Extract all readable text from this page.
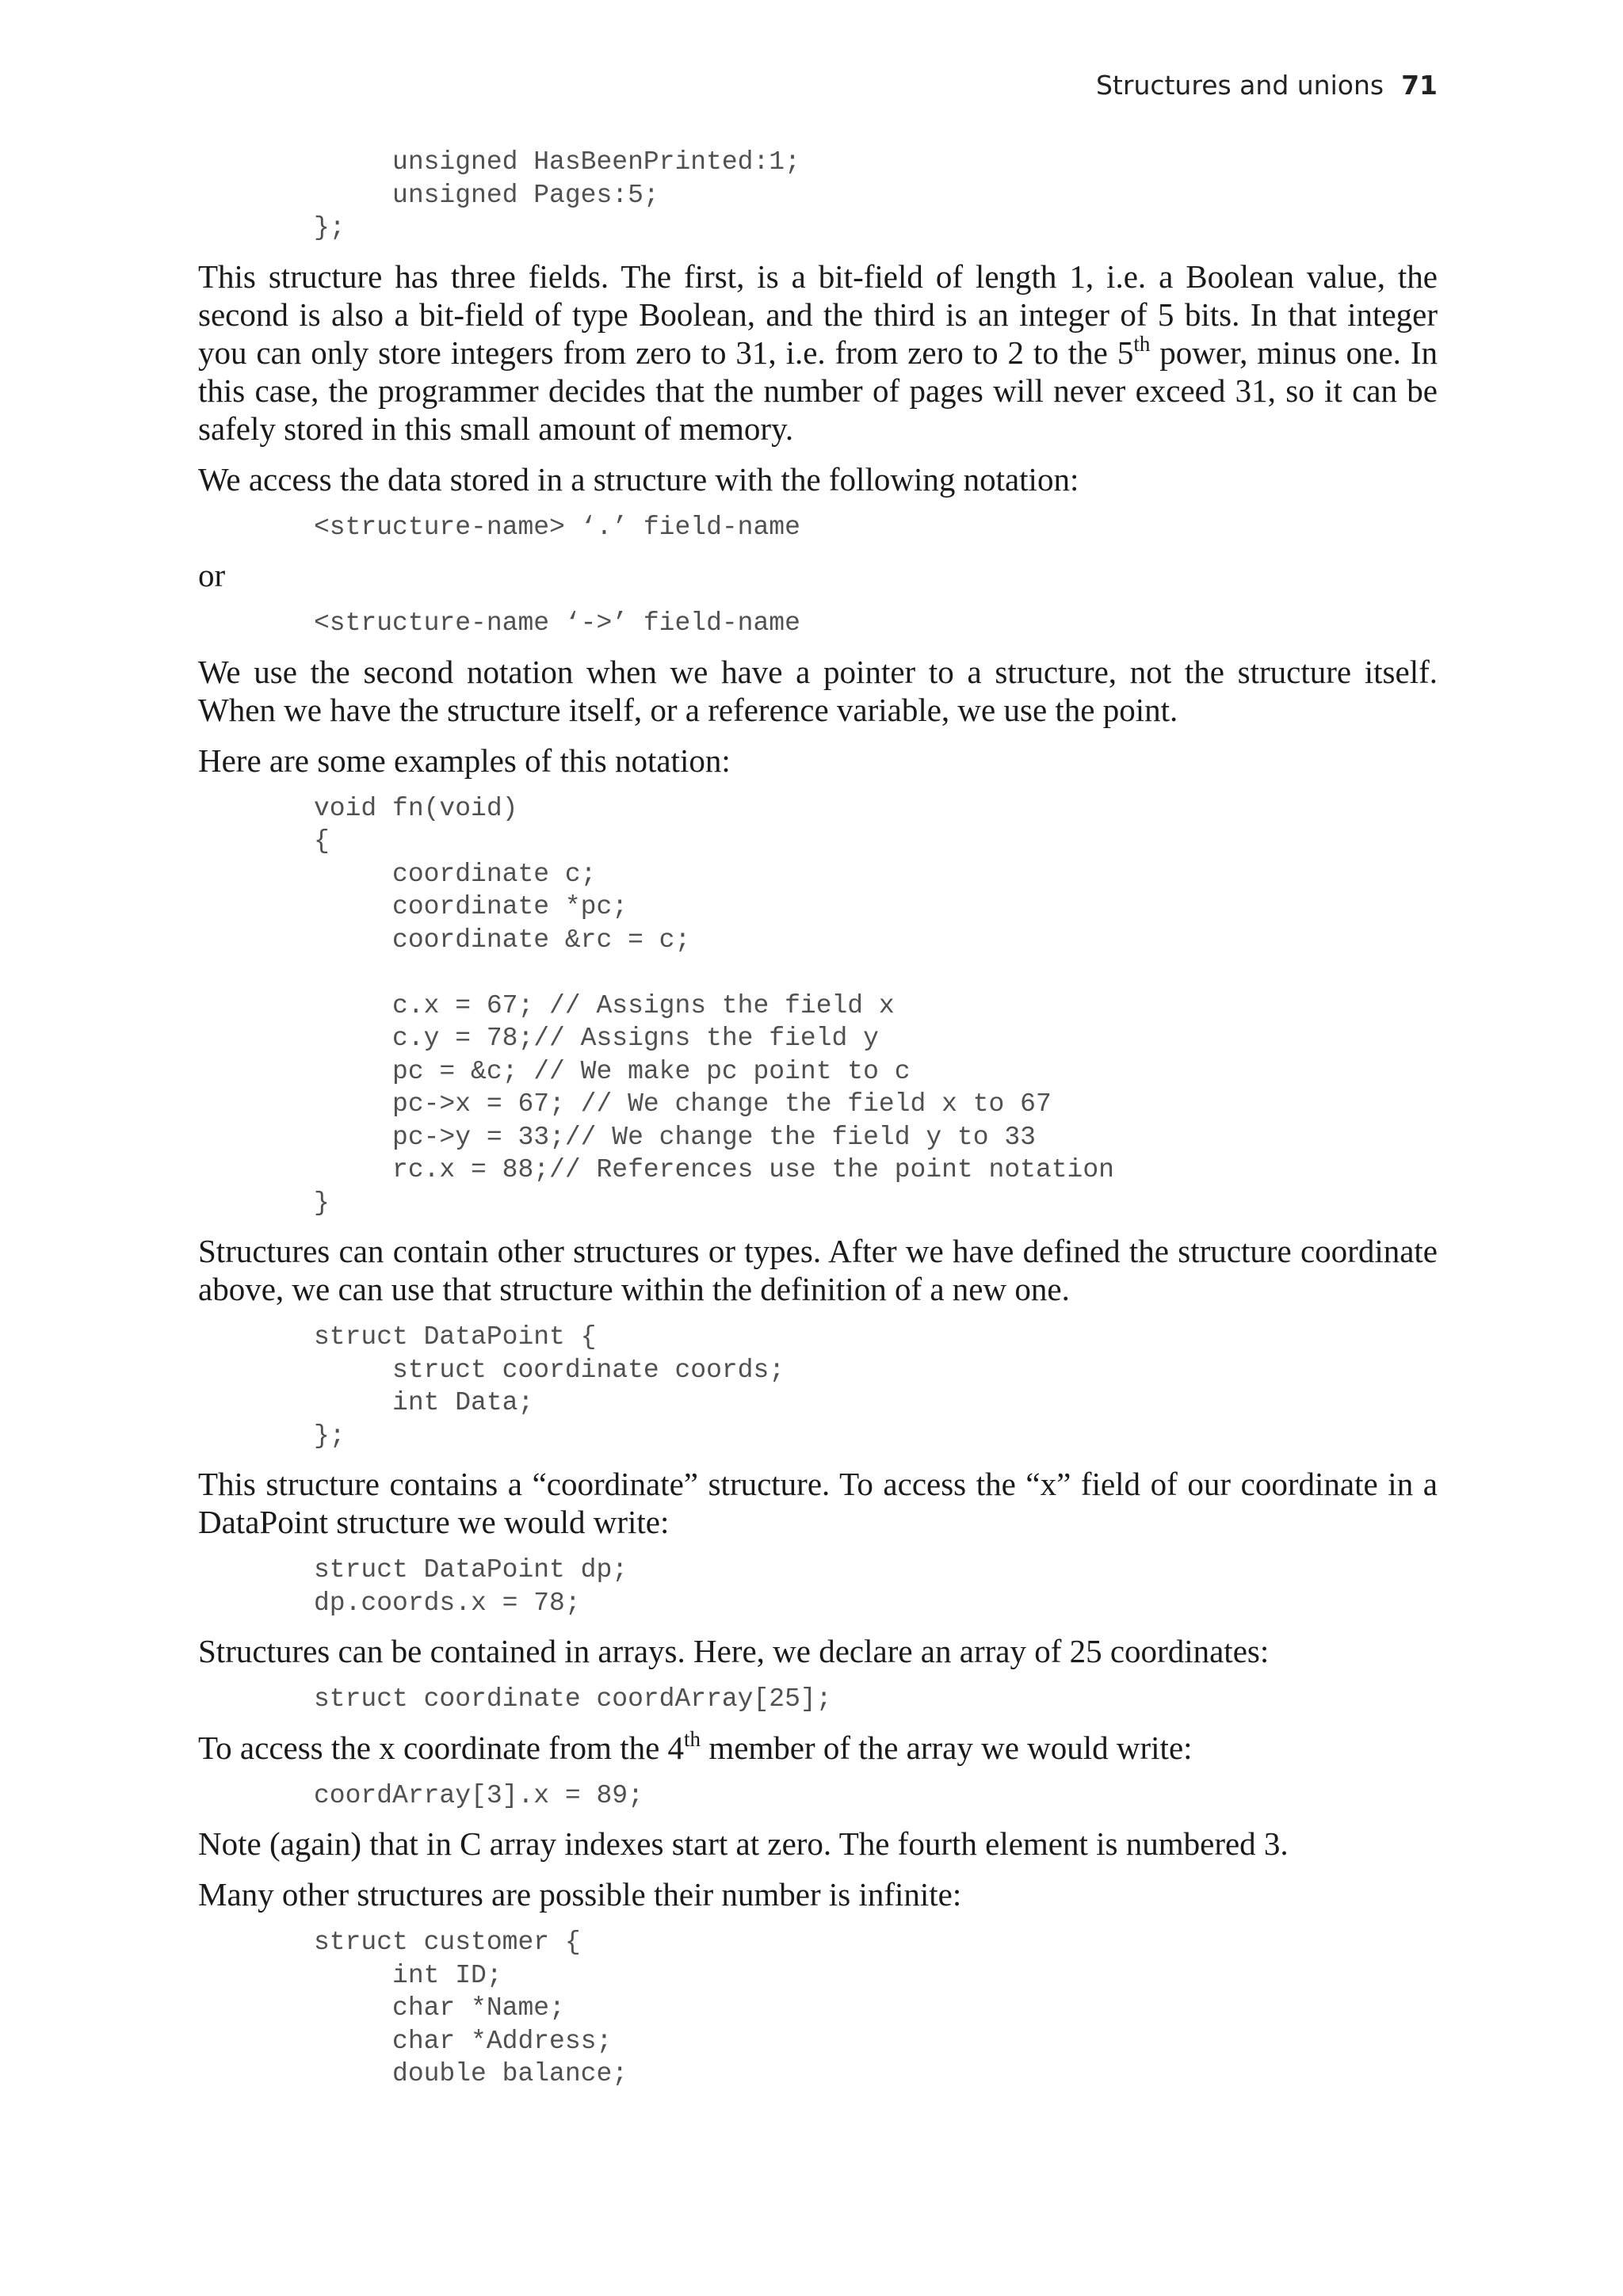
Structures and unions 71
unsigned HasBeenPrinted:1;
unsigned Pages:5;
};

This structure has three fields. The first, is a bit-field of length 1, i.e. a Boolean value, the second is also a bit-field of type Boolean, and the third is an integer of 5 bits. In that integer you can only store integers from zero to 31, i.e. from zero to 2 to the 5th power, minus one. In this case, the programmer decides that the number of pages will never exceed 31, so it can be safely stored in this small amount of memory.

We access the data stored in a structure with the following notation:

<structure-name> ‘.’ field-name

or

<structure-name ‘->’ field-name

We use the second notation when we have a pointer to a structure, not the structure itself. When we have the structure itself, or a reference variable, we use the point.

Here are some examples of this notation:

void fn(void)
{
coordinate c;
coordinate *pc;
coordinate &rc = c;

c.x = 67; // Assigns the field x
c.y = 78;// Assigns the field y
pc = &c; // We make pc point to c
pc->x = 67; // We change the field x to 67
pc->y = 33;// We change the field y to 33
rc.x = 88;// References use the point notation
}

Structures can contain other structures or types. After we have defined the structure coordinate above, we can use that structure within the definition of a new one.

struct DataPoint {
struct coordinate coords;
int Data;
};

This structure contains a “coordinate” structure. To access the “x” field of our coordinate in a DataPoint structure we would write:

struct DataPoint dp;
dp.coords.x = 78;

Structures can be contained in arrays. Here, we declare an array of 25 coordinates:

struct coordinate coordArray[25];

To access the x coordinate from the 4th member of the array we would write:

coordArray[3].x = 89;

Note (again) that in C array indexes start at zero. The fourth element is numbered 3.

Many other structures are possible their number is infinite:

struct customer {
int ID;
char *Name;
char *Address;
double balance;
